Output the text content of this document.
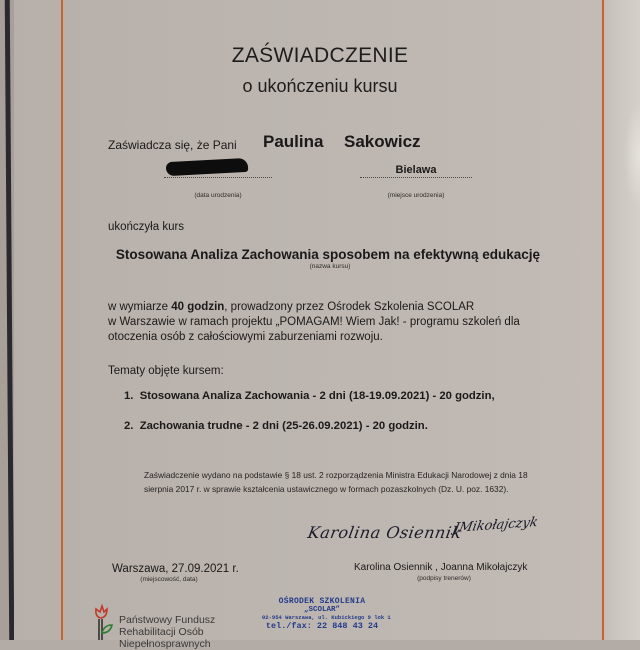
ZAŚWIADCZENIE
o ukończeniu kursu
Zaświadcza się, że Pani Paulina Sakowicz
(data urodzenia)
Bielawa
(miejsce urodzenia)
ukończyła kurs
Stosowana Analiza Zachowania sposobem na efektywną edukację
(nazwa kursu)
w wymiarze 40 godzin, prowadzony przez Ośrodek Szkolenia SCOLAR
w Warszawie w ramach projektu „POMAGAM! Wiem Jak! - programu szkoleń dla
otoczenia osób z całościowymi zaburzeniami rozwoju.
Tematy objęte kursem:
1. Stosowana Analiza Zachowania - 2 dni (18-19.09.2021) - 20 godzin,
2. Zachowania trudne - 2 dni (25-26.09.2021) - 20 godzin.
Zaświadczenie wydano na podstawie § 18 ust. 2 rozporządzenia Ministra Edukacji Narodowej z dnia 18
sierpnia 2017 r. w sprawie kształcenia ustawicznego w formach pozaszkolnych (Dz. U. poz. 1632).
Karolina Osiennik
JMikołajczyk
Warszawa, 27.09.2021 r.
(miejscowość, data)
Karolina Osiennik , Joanna Mikołajczyk
(podpisy trenerów)
Państwowy Fundusz
Rehabilitacji Osób
Niepełnosprawnych
OŚRODEK SZKOLENIA
„SCOLAR”
02-954 Warszawa, ul. Kubickiego 9 lok 1
tel./fax: 22 848 43 24
